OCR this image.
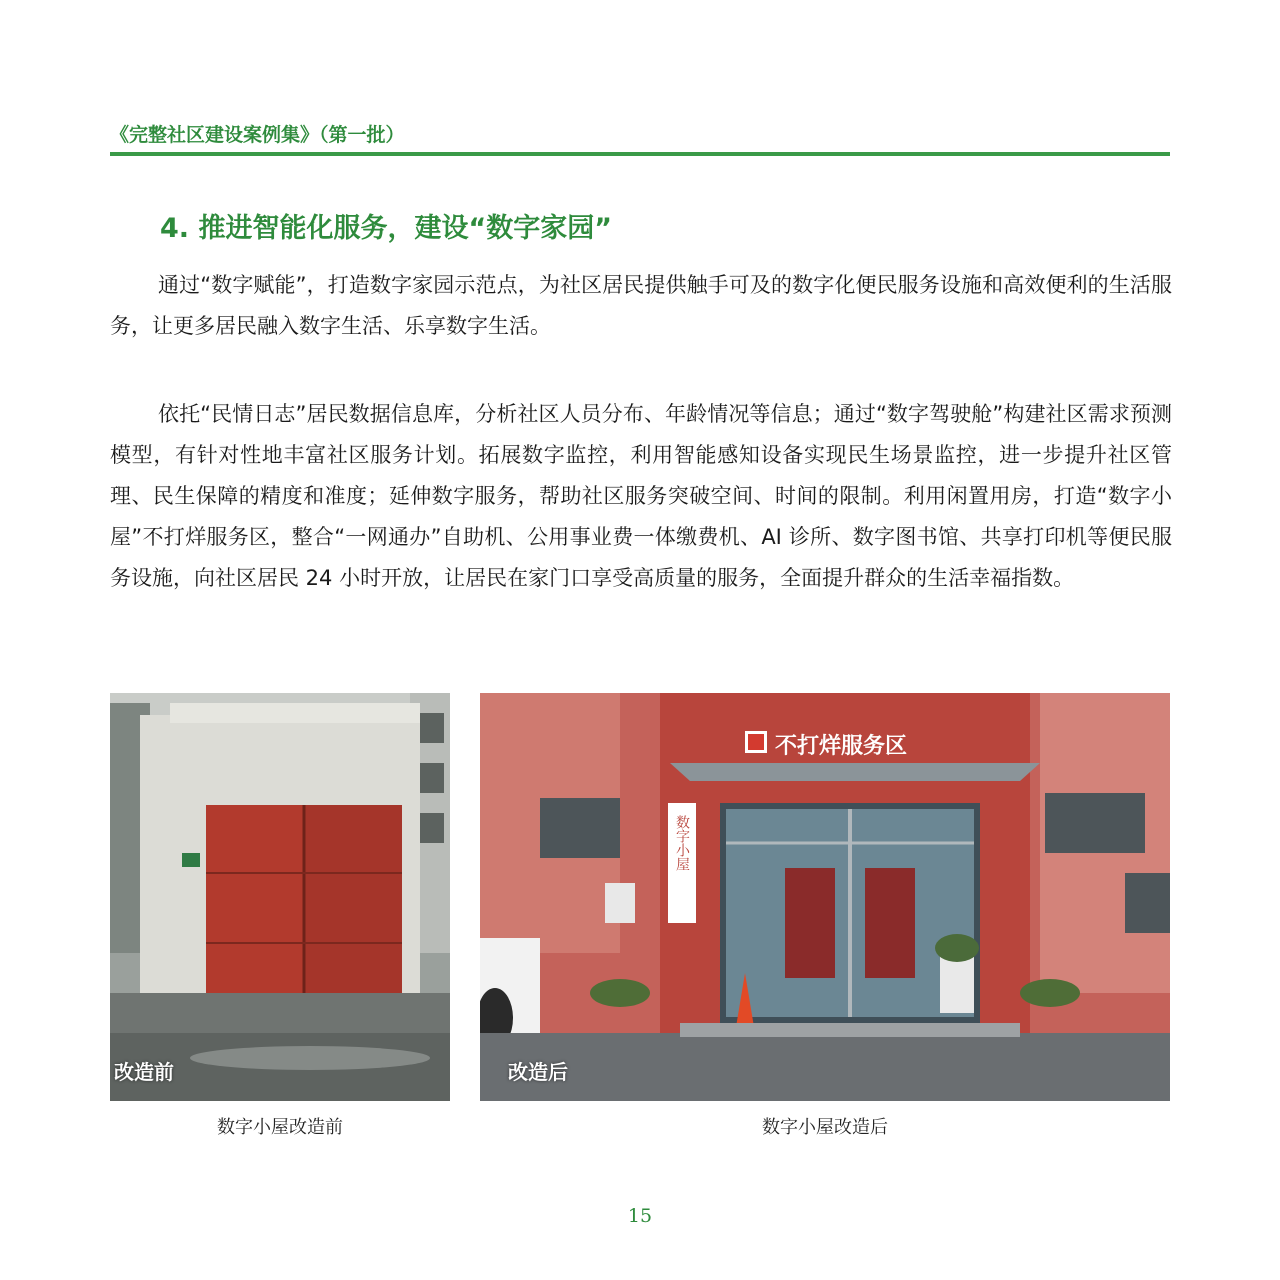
《完整社区建设案例集》（第一批）
4. 推进智能化服务，建设“数字家园”

通过“数字赋能”，打造数字家园示范点，为社区居民提供触手可及的数字化便民服务设施和高效便利的生活服务，让更多居民融入数字生活、乐享数字生活。

依托“民情日志”居民数据信息库，分析社区人员分布、年龄情况等信息；通过“数字驾驶舱”构建社区需求预测模型，有针对性地丰富社区服务计划。拓展数字监控，利用智能感知设备实现民生场景监控，进一步提升社区管理、民生保障的精度和准度；延伸数字服务，帮助社区服务突破空间、时间的限制。利用闲置用房，打造“数字小屋”不打烊服务区，整合“一网通办”自助机、公用事业费一体缴费机、AI 诊所、数字图书馆、共享打印机等便民服务设施，向社区居民 24 小时开放，让居民在家门口享受高质量的服务，全面提升群众的生活幸福指数。

改造前
不打烊服务区
数字小屋
改造后
数字小屋改造前	数字小屋改造后
15
